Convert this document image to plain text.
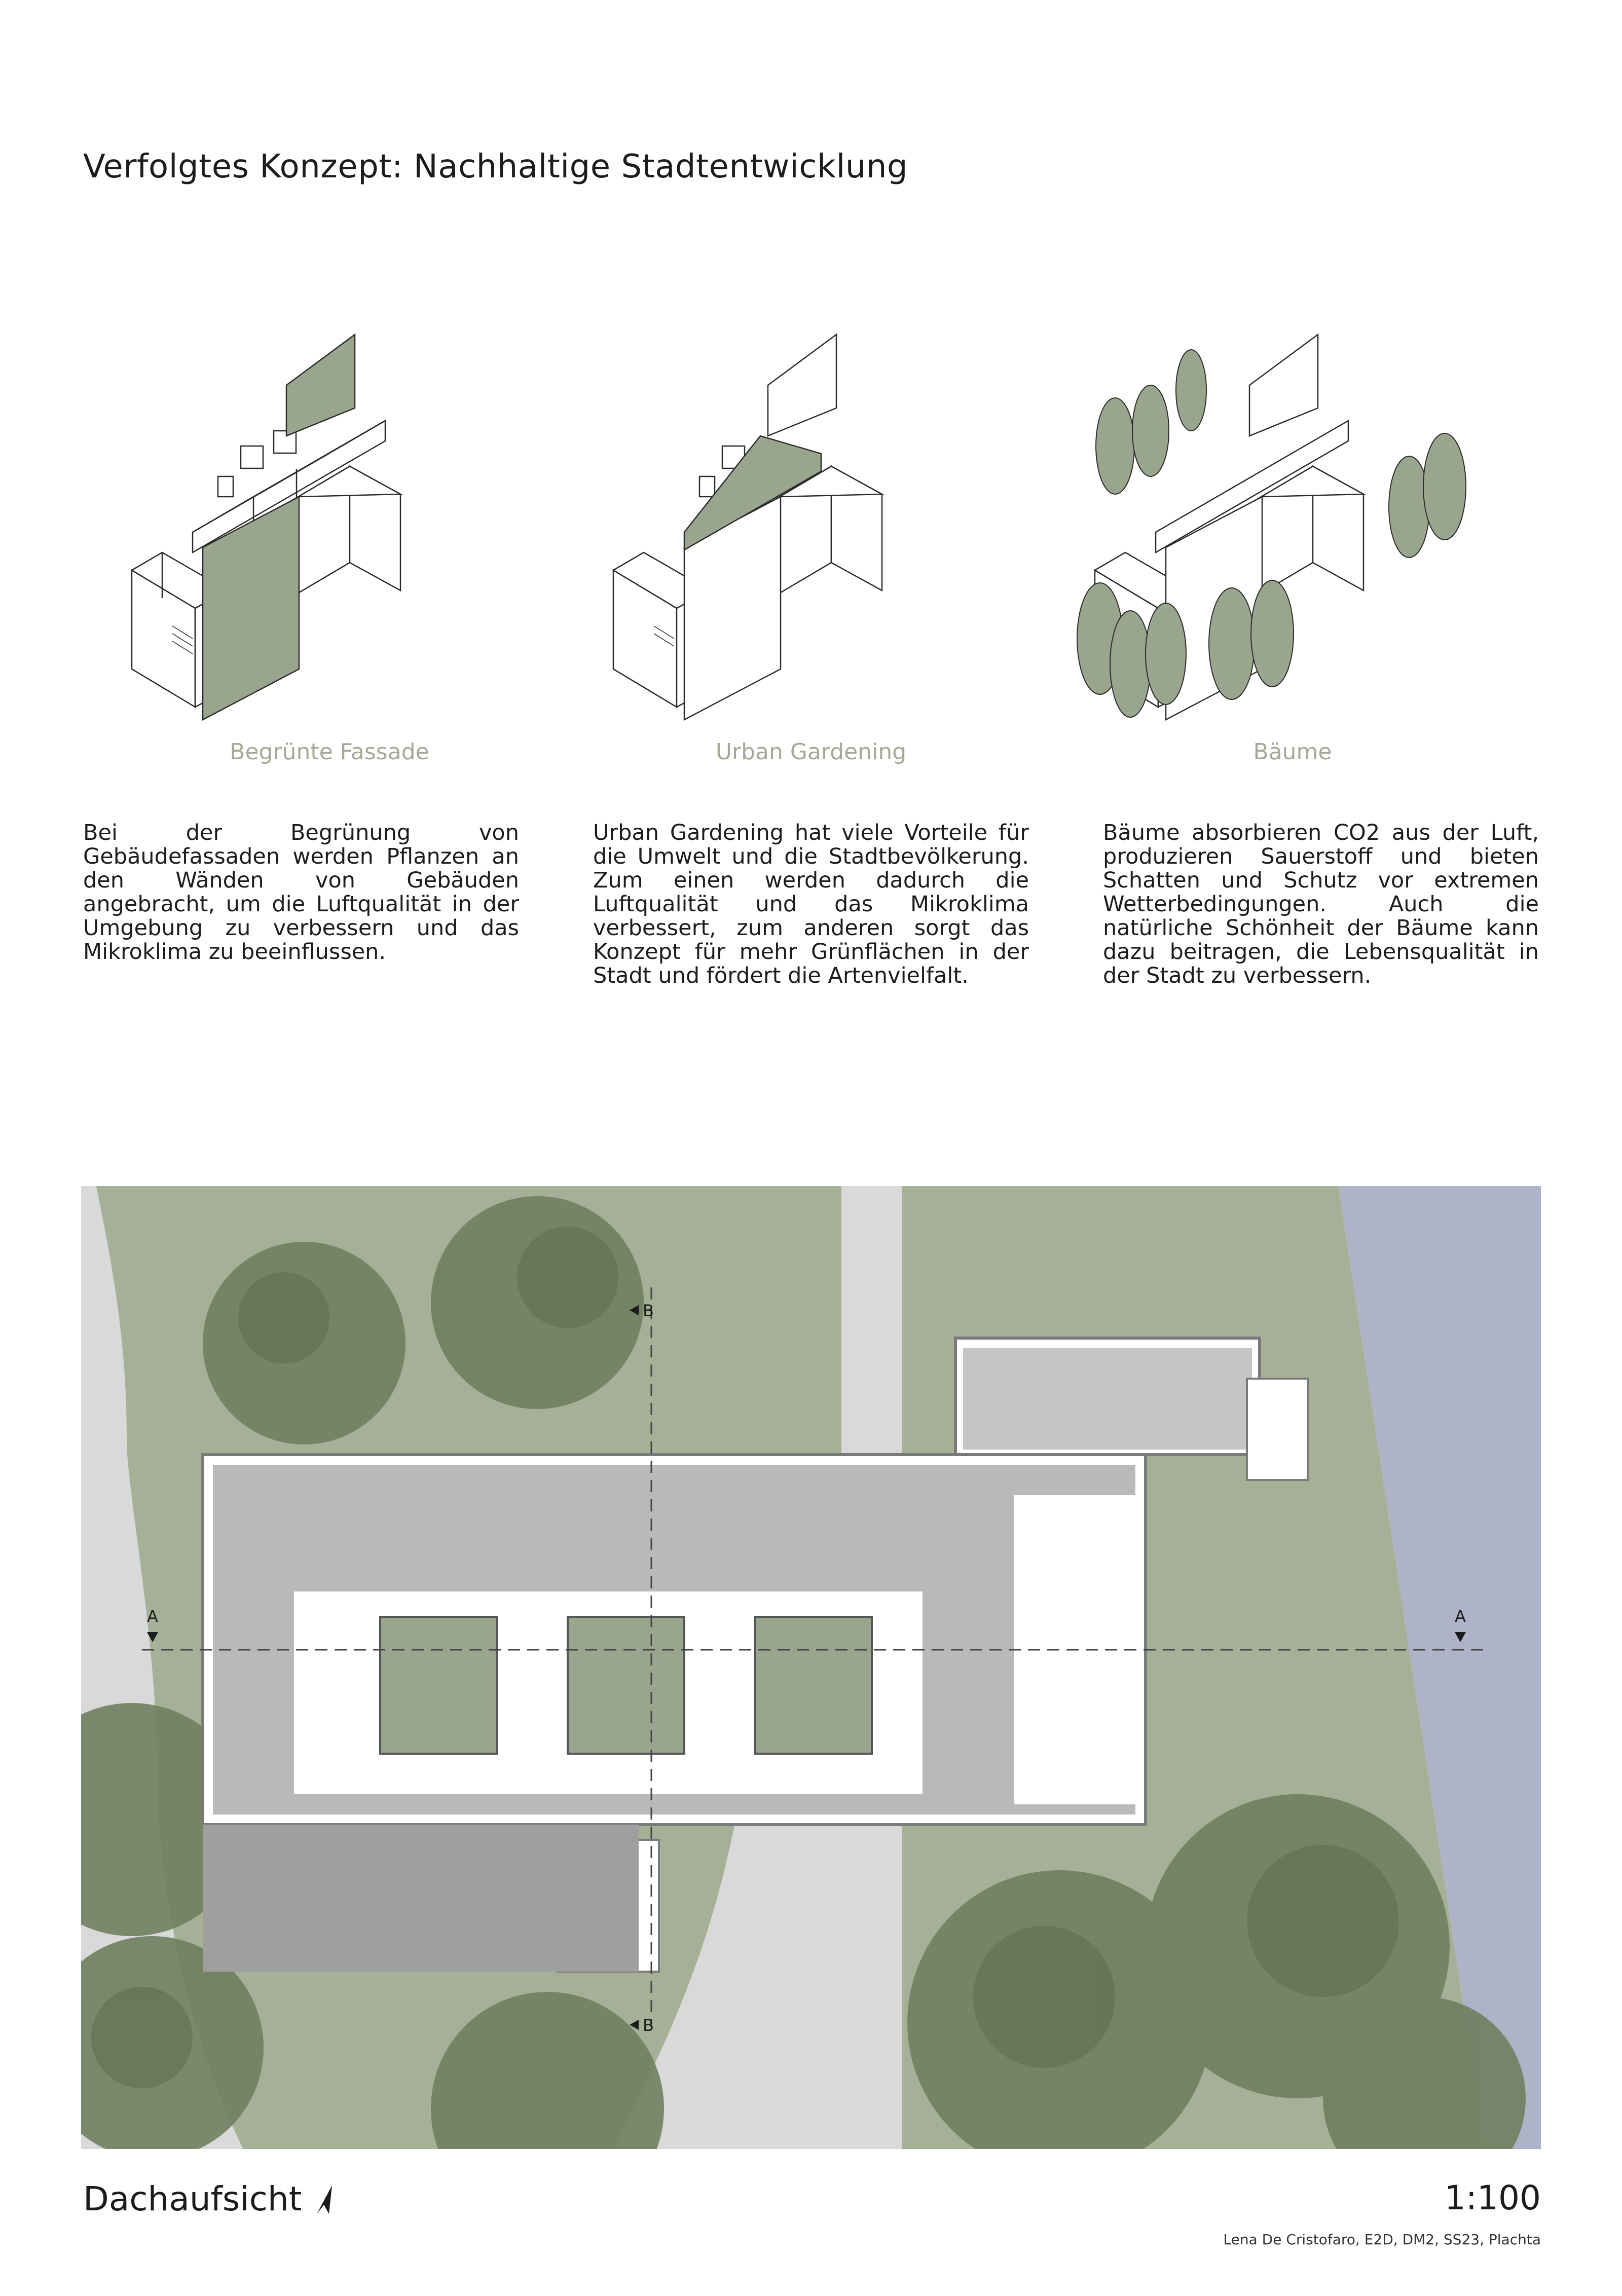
Verfolgtes Konzept: Nachhaltige Stadtentwicklung
Begrünte Fassade	Urban Gardening	Bäume
Bei der Begrünung von Gebäudefassaden werden Pflanzen an den Wänden von Gebäuden angebracht, um die Luftqualität in der Umgebung zu verbessern und das Mikroklima zu beeinflussen.
Urban Gardening hat viele Vorteile für die Umwelt und die Stadtbevölkerung. Zum einen werden dadurch die Luftqualität und das Mikroklima verbessert, zum anderen sorgt das Konzept für mehr Grünflächen in der Stadt und fördert die Artenvielfalt.
Bäume absorbieren CO2 aus der Luft, produzieren Sauerstoff und bieten Schatten und Schutz vor extremen Wetterbedingungen. Auch die natürliche Schönheit der Bäume kann dazu beitragen, die Lebensqualität in der Stadt zu verbessern.
A	A
B
B
Dachaufsicht	1:100
Lena De Cristofaro, E2D, DM2, SS23, Plachta
